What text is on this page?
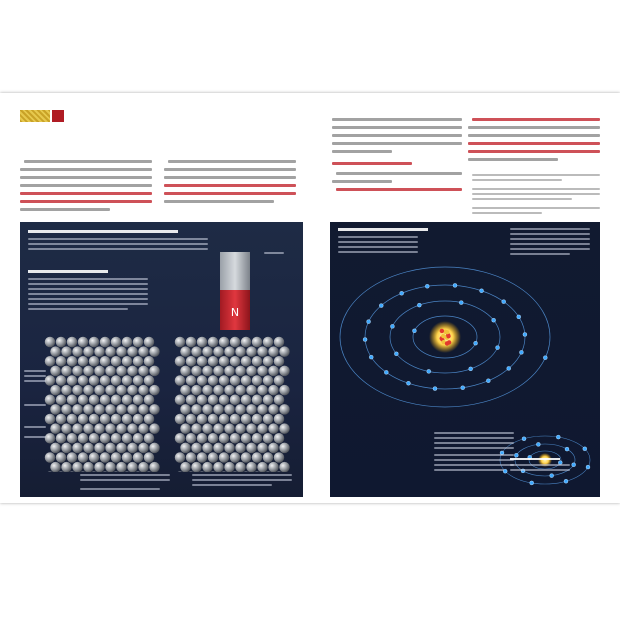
N
